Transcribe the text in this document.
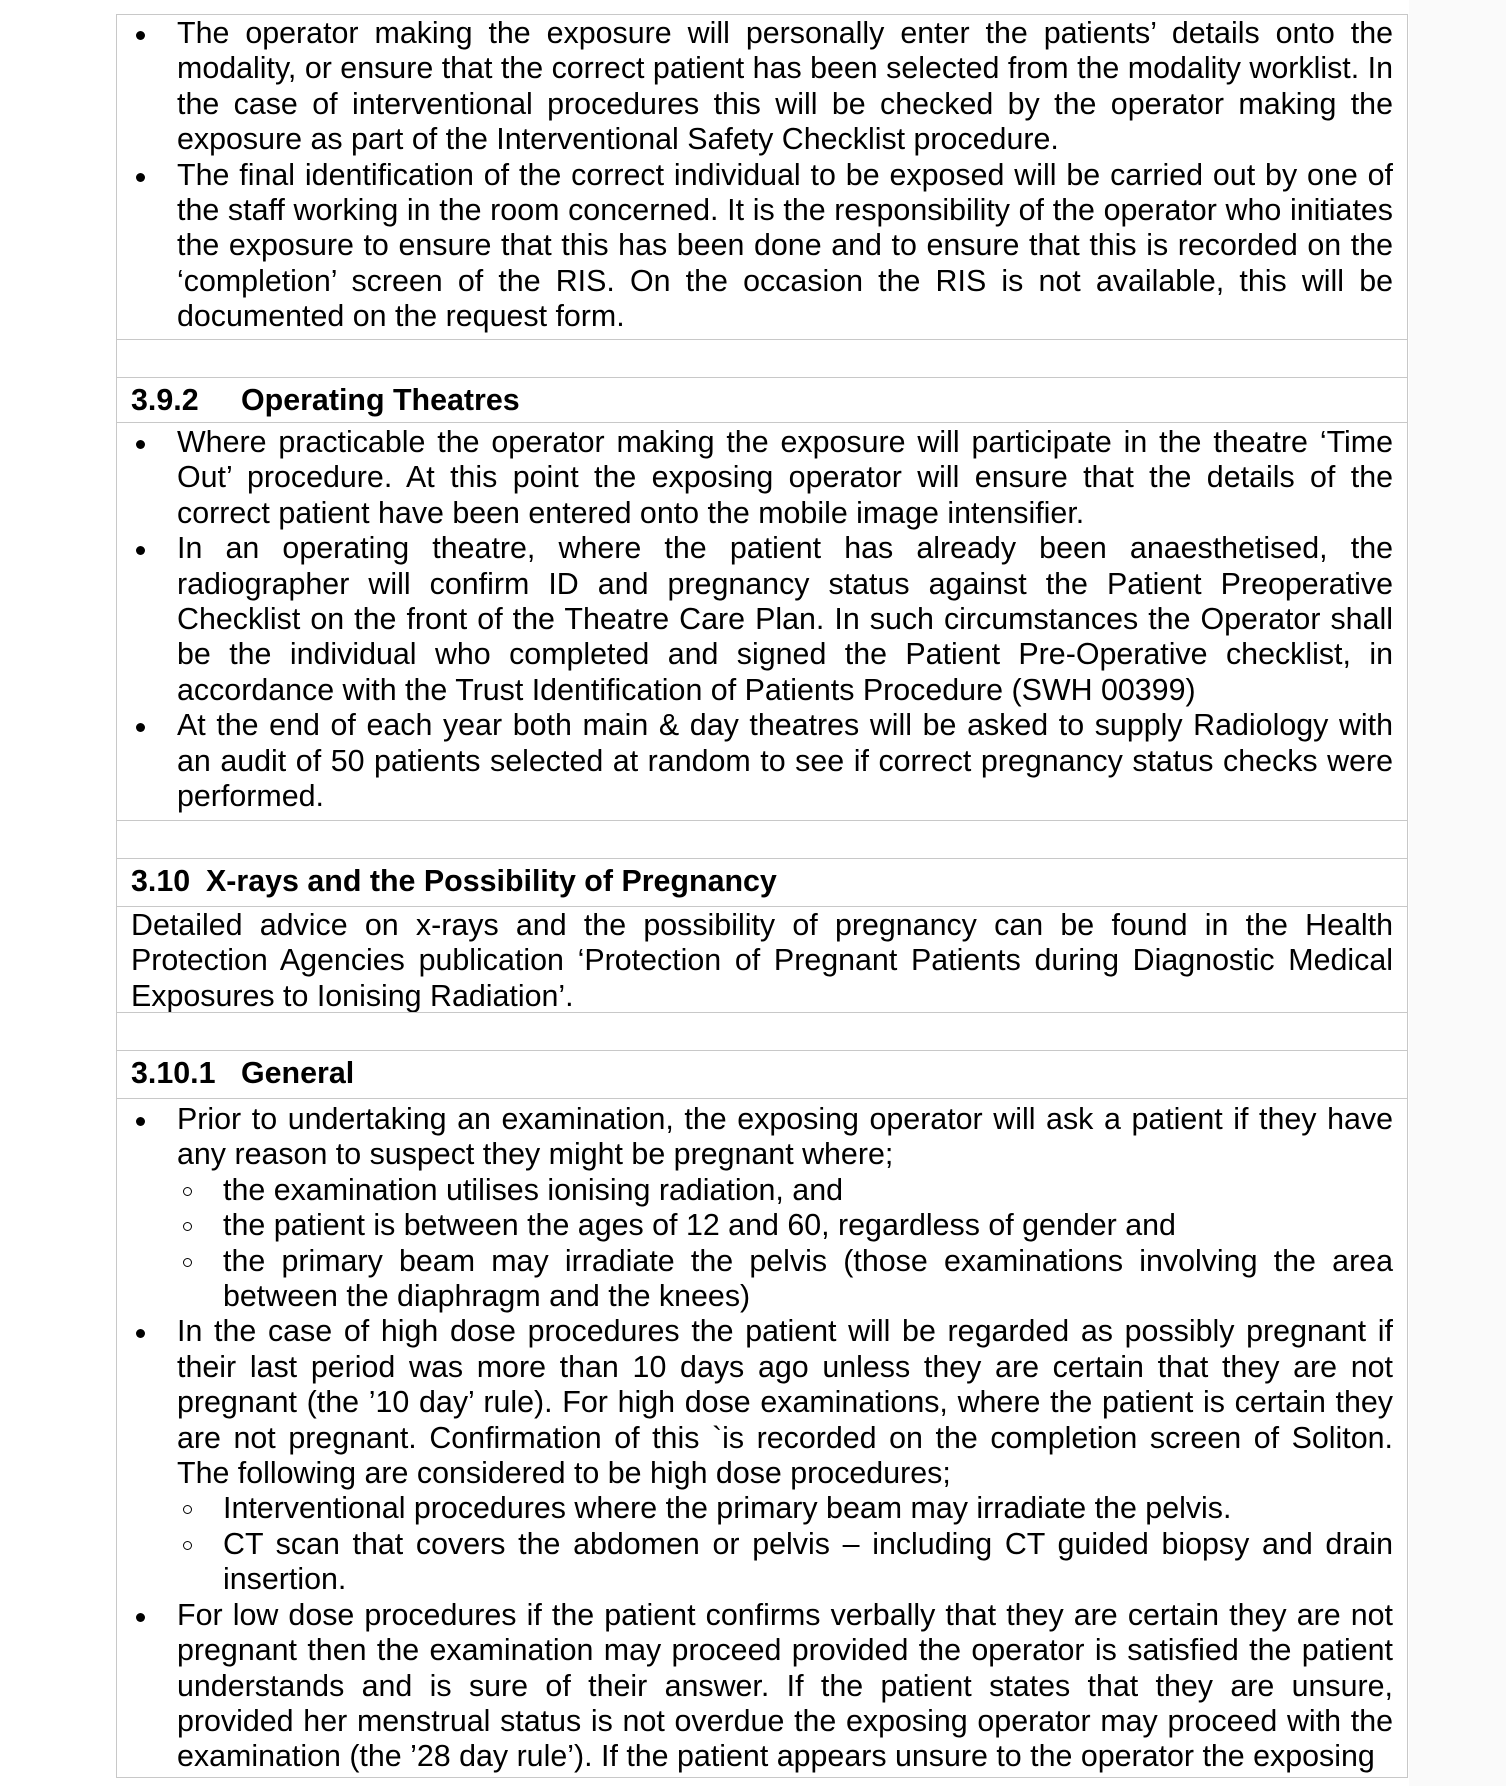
The operator making the exposure will personally enter the patients’ details onto the modality, or ensure that the correct patient has been selected from the modality worklist. In the case of interventional procedures this will be checked by the operator making the exposure as part of the Interventional Safety Checklist procedure.
The final identification of the correct individual to be exposed will be carried out by one of the staff working in the room concerned. It is the responsibility of the operator who initiates the exposure to ensure that this has been done and to ensure that this is recorded on the ‘completion’ screen of the RIS. On the occasion the RIS is not available, this will be documented on the request form.
3.9.2 Operating Theatres
Where practicable the operator making the exposure will participate in the theatre ‘Time Out’ procedure. At this point the exposing operator will ensure that the details of the correct patient have been entered onto the mobile image intensifier.
In an operating theatre, where the patient has already been anaesthetised, the radiographer will confirm ID and pregnancy status against the Patient Preoperative Checklist on the front of the Theatre Care Plan. In such circumstances the Operator shall be the individual who completed and signed the Patient Pre-Operative checklist, in accordance with the Trust Identification of Patients Procedure (SWH 00399)
At the end of each year both main & day theatres will be asked to supply Radiology with an audit of 50 patients selected at random to see if correct pregnancy status checks were performed.
3.10 X-rays and the Possibility of Pregnancy
Detailed advice on x-rays and the possibility of pregnancy can be found in the Health Protection Agencies publication ‘Protection of Pregnant Patients during Diagnostic Medical Exposures to Ionising Radiation’.
3.10.1 General
Prior to undertaking an examination, the exposing operator will ask a patient if they have any reason to suspect they might be pregnant where;
the examination utilises ionising radiation, and
the patient is between the ages of 12 and 60, regardless of gender and
the primary beam may irradiate the pelvis (those examinations involving the area between the diaphragm and the knees)
In the case of high dose procedures the patient will be regarded as possibly pregnant if their last period was more than 10 days ago unless they are certain that they are not pregnant (the ’10 day’ rule). For high dose examinations, where the patient is certain they are not pregnant. Confirmation of this `is recorded on the completion screen of Soliton. The following are considered to be high dose procedures;
Interventional procedures where the primary beam may irradiate the pelvis.
CT scan that covers the abdomen or pelvis – including CT guided biopsy and drain insertion.
For low dose procedures if the patient confirms verbally that they are certain they are not pregnant then the examination may proceed provided the operator is satisfied the patient understands and is sure of their answer. If the patient states that they are unsure, provided her menstrual status is not overdue the exposing operator may proceed with the examination (the ’28 day rule’). If the patient appears unsure to the operator the exposing
